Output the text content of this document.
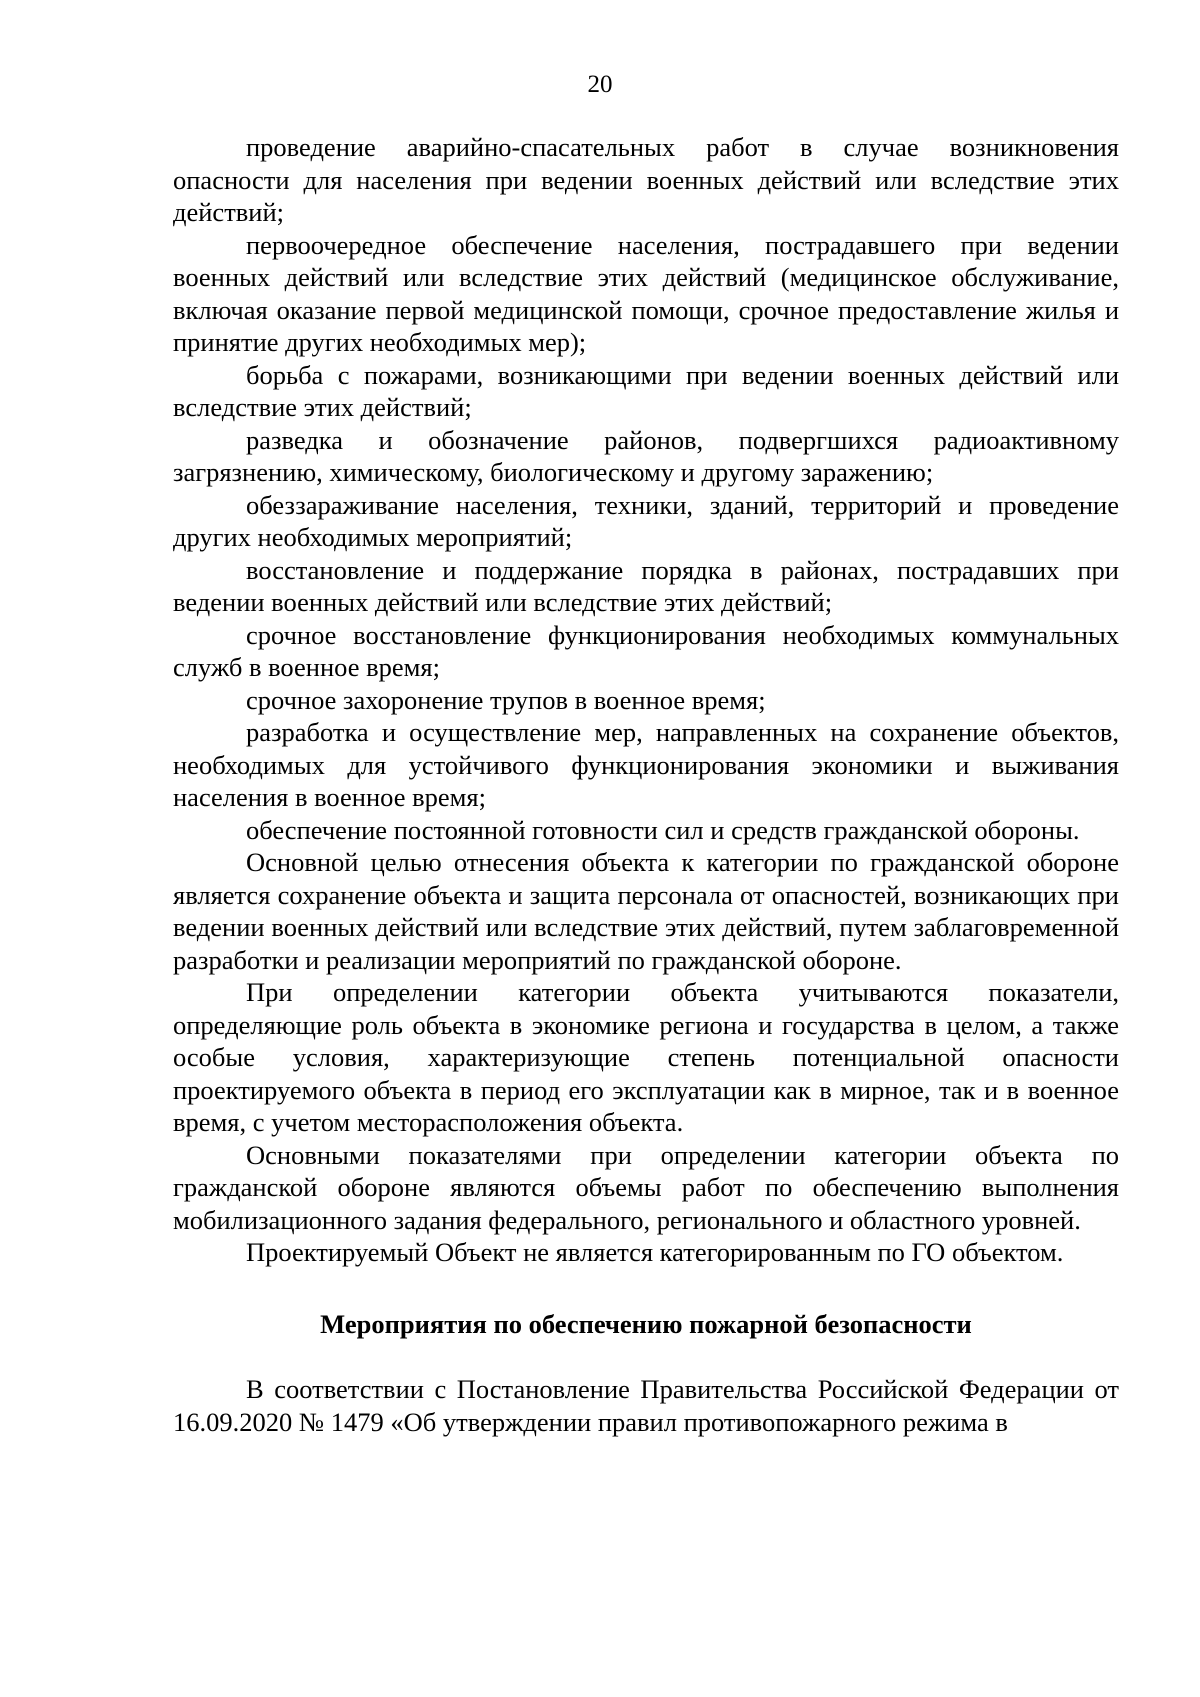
20

проведение аварийно-спасательных работ в случае возникновения опасности для населения при ведении военных действий или вследствие этих действий;

первоочередное обеспечение населения, пострадавшего при ведении военных действий или вследствие этих действий (медицинское обслуживание, включая оказание первой медицинской помощи, срочное предоставление жилья и принятие других необходимых мер);

борьба с пожарами, возникающими при ведении военных действий или вследствие этих действий;

разведка и обозначение районов, подвергшихся радиоактивному загрязнению, химическому, биологическому и другому заражению;

обеззараживание населения, техники, зданий, территорий и проведение других необходимых мероприятий;

восстановление и поддержание порядка в районах, пострадавших при ведении военных действий или вследствие этих действий;

срочное восстановление функционирования необходимых коммунальных служб в военное время;

срочное захоронение трупов в военное время;

разработка и осуществление мер, направленных на сохранение объектов, необходимых для устойчивого функционирования экономики и выживания населения в военное время;

обеспечение постоянной готовности сил и средств гражданской обороны.

Основной целью отнесения объекта к категории по гражданской обороне является сохранение объекта и защита персонала от опасностей, возникающих при ведении военных действий или вследствие этих действий, путем заблаговременной разработки и реализации мероприятий по гражданской обороне.

При определении категории объекта учитываются показатели, определяющие роль объекта в экономике региона и государства в целом, а также особые условия, характеризующие степень потенциальной опасности проектируемого объекта в период его эксплуатации как в мирное, так и в военное время, с учетом месторасположения объекта.

Основными показателями при определении категории объекта по гражданской обороне являются объемы работ по обеспечению выполнения мобилизационного задания федерального, регионального и областного уровней.

Проектируемый Объект не является категорированным по ГО объектом.

Мероприятия по обеспечению пожарной безопасности

В соответствии с Постановление Правительства Российской Федерации от 16.09.2020 № 1479 «Об утверждении правил противопожарного режима в
